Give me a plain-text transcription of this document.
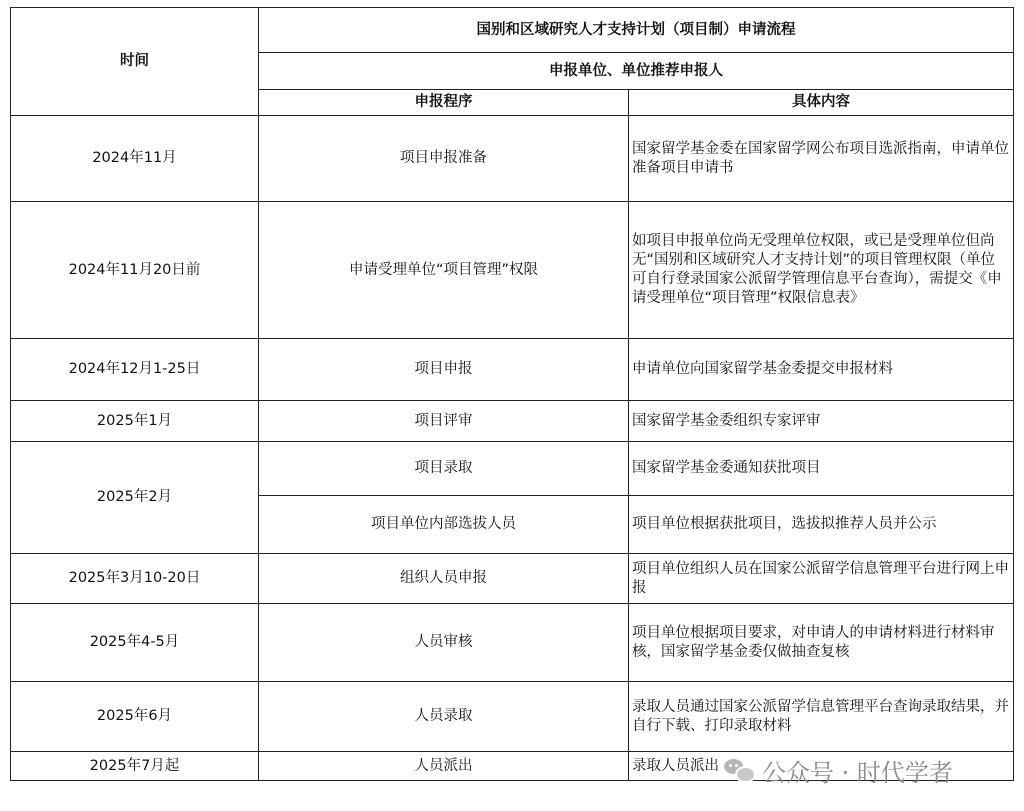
时间	国别和区域研究人才支持计划（项目制）申请流程	
	申报单位、单位推荐申报人	
	申报程序	具体内容
2024年11月	项目申报准备	国家留学基金委在国家留学网公布项目选派指南，申请单位准备项目申请书
2024年11月20日前	申请受理单位“项目管理”权限	如项目申报单位尚无受理单位权限，或已是受理单位但尚无“国别和区域研究人才支持计划”的项目管理权限（单位可自行登录国家公派留学管理信息平台查询），需提交《申请受理单位“项目管理”权限信息表》
2024年12月1-25日	项目申报	申请单位向国家留学基金委提交申报材料
2025年1月	项目评审	国家留学基金委组织专家评审
2025年2月	项目录取	国家留学基金委通知获批项目
	项目单位内部选拔人员	项目单位根据获批项目，选拔拟推荐人员并公示
2025年3月10-20日	组织人员申报	项目单位组织人员在国家公派留学信息管理平台进行网上申报
2025年4-5月	人员审核	项目单位根据项目要求，对申请人的申请材料进行材料审核，国家留学基金委仅做抽查复核
2025年6月	人员录取	录取人员通过国家公派留学信息管理平台查询录取结果，并自行下载、打印录取材料
2025年7月起	人员派出	录取人员派出 公众号 · 时代学者
